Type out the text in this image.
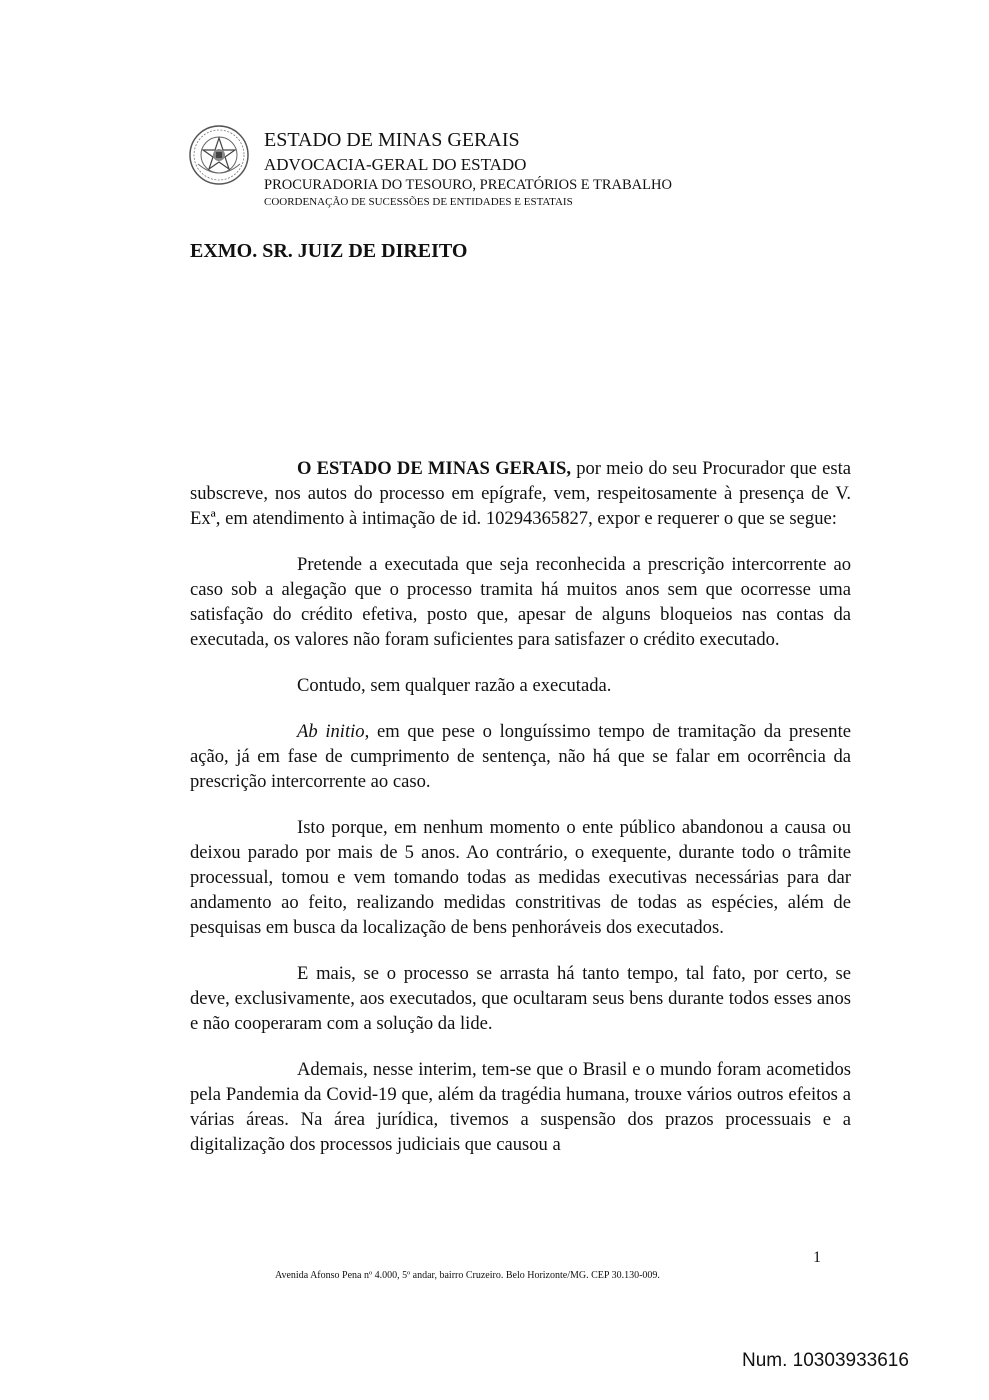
ESTADO DE MINAS GERAIS
ADVOCACIA-GERAL DO ESTADO
PROCURADORIA DO TESOURO, PRECATÓRIOS E TRABALHO
COORDENAÇÃO DE SUCESSÕES DE ENTIDADES E ESTATAIS
EXMO. SR. JUIZ DE DIREITO

O ESTADO DE MINAS GERAIS, por meio do seu Procurador que esta subscreve, nos autos do processo em epígrafe, vem, respeitosamente à presença de V. Exª, em atendimento à intimação de id. 10294365827, expor e requerer o que se segue:

Pretende a executada que seja reconhecida a prescrição intercorrente ao caso sob a alegação que o processo tramita há muitos anos sem que ocorresse uma satisfação do crédito efetiva, posto que, apesar de alguns bloqueios nas contas da executada, os valores não foram suficientes para satisfazer o crédito executado.

Contudo, sem qualquer razão a executada.

Ab initio, em que pese o longuíssimo tempo de tramitação da presente ação, já em fase de cumprimento de sentença, não há que se falar em ocorrência da prescrição intercorrente ao caso.

Isto porque, em nenhum momento o ente público abandonou a causa ou deixou parado por mais de 5 anos. Ao contrário, o exequente, durante todo o trâmite processual, tomou e vem tomando todas as medidas executivas necessárias para dar andamento ao feito, realizando medidas constritivas de todas as espécies, além de pesquisas em busca da localização de bens penhoráveis dos executados.

E mais, se o processo se arrasta há tanto tempo, tal fato, por certo, se deve, exclusivamente, aos executados, que ocultaram seus bens durante todos esses anos e não cooperaram com a solução da lide.

Ademais, nesse interim, tem-se que o Brasil e o mundo foram acometidos pela Pandemia da Covid-19 que, além da tragédia humana, trouxe vários outros efeitos a várias áreas. Na área jurídica, tivemos a suspensão dos prazos processuais e a digitalização dos processos judiciais que causou a

1
Avenida Afonso Pena nº 4.000, 5º andar, bairro Cruzeiro. Belo Horizonte/MG. CEP 30.130-009.
Num. 10303933616
